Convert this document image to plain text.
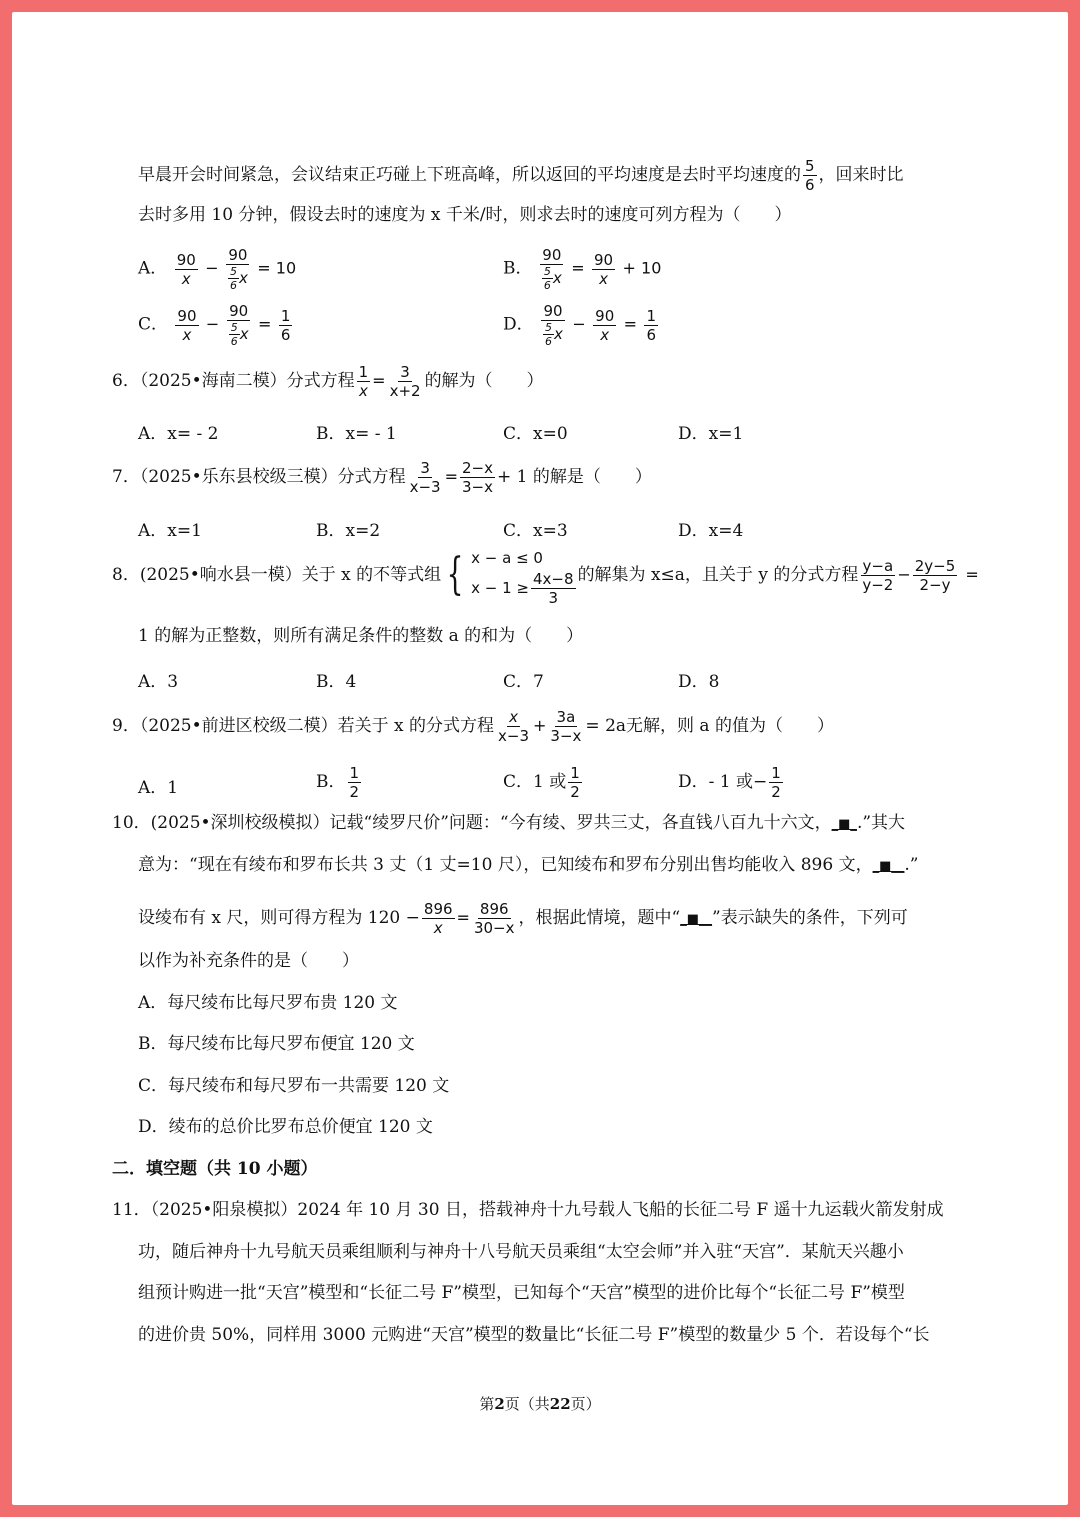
早晨开会时间紧急，会议结束正巧碰上下班高峰，所以返回的平均速度是去时平均速度的 $\frac{5}{6}$ ，回来时比
去时多用 10 分钟，假设去时的速度为 x 千米/时，则求去时的速度可列方程为（　　）
A． $\frac{90}{x} - \frac{90}{\frac{5}{6} x} = 10$	B． $\frac{90}{\frac{5}{6} x} = \frac{90}{x} + 10$
C． $\frac{90}{x} - \frac{90}{\frac{5}{6} x} = \frac{1}{6}$	D． $\frac{90}{\frac{5}{6} x} - \frac{90}{x} = \frac{1}{6}$
6．（2025•海南二模）分式方程 $\frac{1}{x} = \frac{3}{x+2}$ 的解为（　　）
A．x= ‑ 2	B．x= ‑ 1	C．x=0	D．x=1
7．（2025•乐东县校级三模）分式方程 $\frac{3}{x-3} = \frac{2-x}{3-x} + 1$ 的解是（　　）
A．x=1	B．x=2	C．x=3	D．x=4
8．(2025•响水县一模）关于 x 的不等式组 { x − a ≤ 0
$x - 1 \ge \frac{4x-8}{3}$ 的解集为 x≤a，且关于 y 的分式方程 $\frac{y-a}{y-2} - \frac{2y-5}{2-y}$ =
1 的解为正整数，则所有满足条件的整数 a 的和为（　　）
A．3	B．4	C．7	D．8
9．（2025•前进区校级二模）若关于 x 的分式方程 $\frac{x}{x-3} + \frac{3a}{3-x} = 2a$无解，则 a 的值为（　　）
A．1	B． $\frac{1}{2}$	C．1 或 $\frac{1}{2}$	D．‑ 1 或− $\frac{1}{2}$
10．(2025•深圳校级模拟）记载“绫罗尺价”问题：“今有绫、罗共三丈，各直钱八百九十六文，_■_.”其大
意为：“现在有绫布和罗布长共 3 丈（1 丈=10 尺），已知绫布和罗布分别出售均能收入 896 文，_■__.”
设绫布有 x 尺，则可得方程为 $120 - \frac{896}{x} = \frac{896}{30-x}$ ，根据此情境，题中“_■__”表示缺失的条件，下列可
以作为补充条件的是（　　）
A．每尺绫布比每尺罗布贵 120 文
B．每尺绫布比每尺罗布便宜 120 文
C．每尺绫布和每尺罗布一共需要 120 文
D．绫布的总价比罗布总价便宜 120 文
二．填空题（共 10 小题）
11．（2025•阳泉模拟）2024 年 10 月 30 日，搭载神舟十九号载人飞船的长征二号 F 遥十九运载火箭发射成
功，随后神舟十九号航天员乘组顺利与神舟十八号航天员乘组“太空会师”并入驻“天宫”．某航天兴趣小
组预计购进一批“天宫”模型和“长征二号 F”模型，已知每个“天宫”模型的进价比每个“长征二号 F”模型
的进价贵 50%，同样用 3000 元购进“天宫”模型的数量比“长征二号 F”模型的数量少 5 个．若设每个“长
第2页（共22页）
